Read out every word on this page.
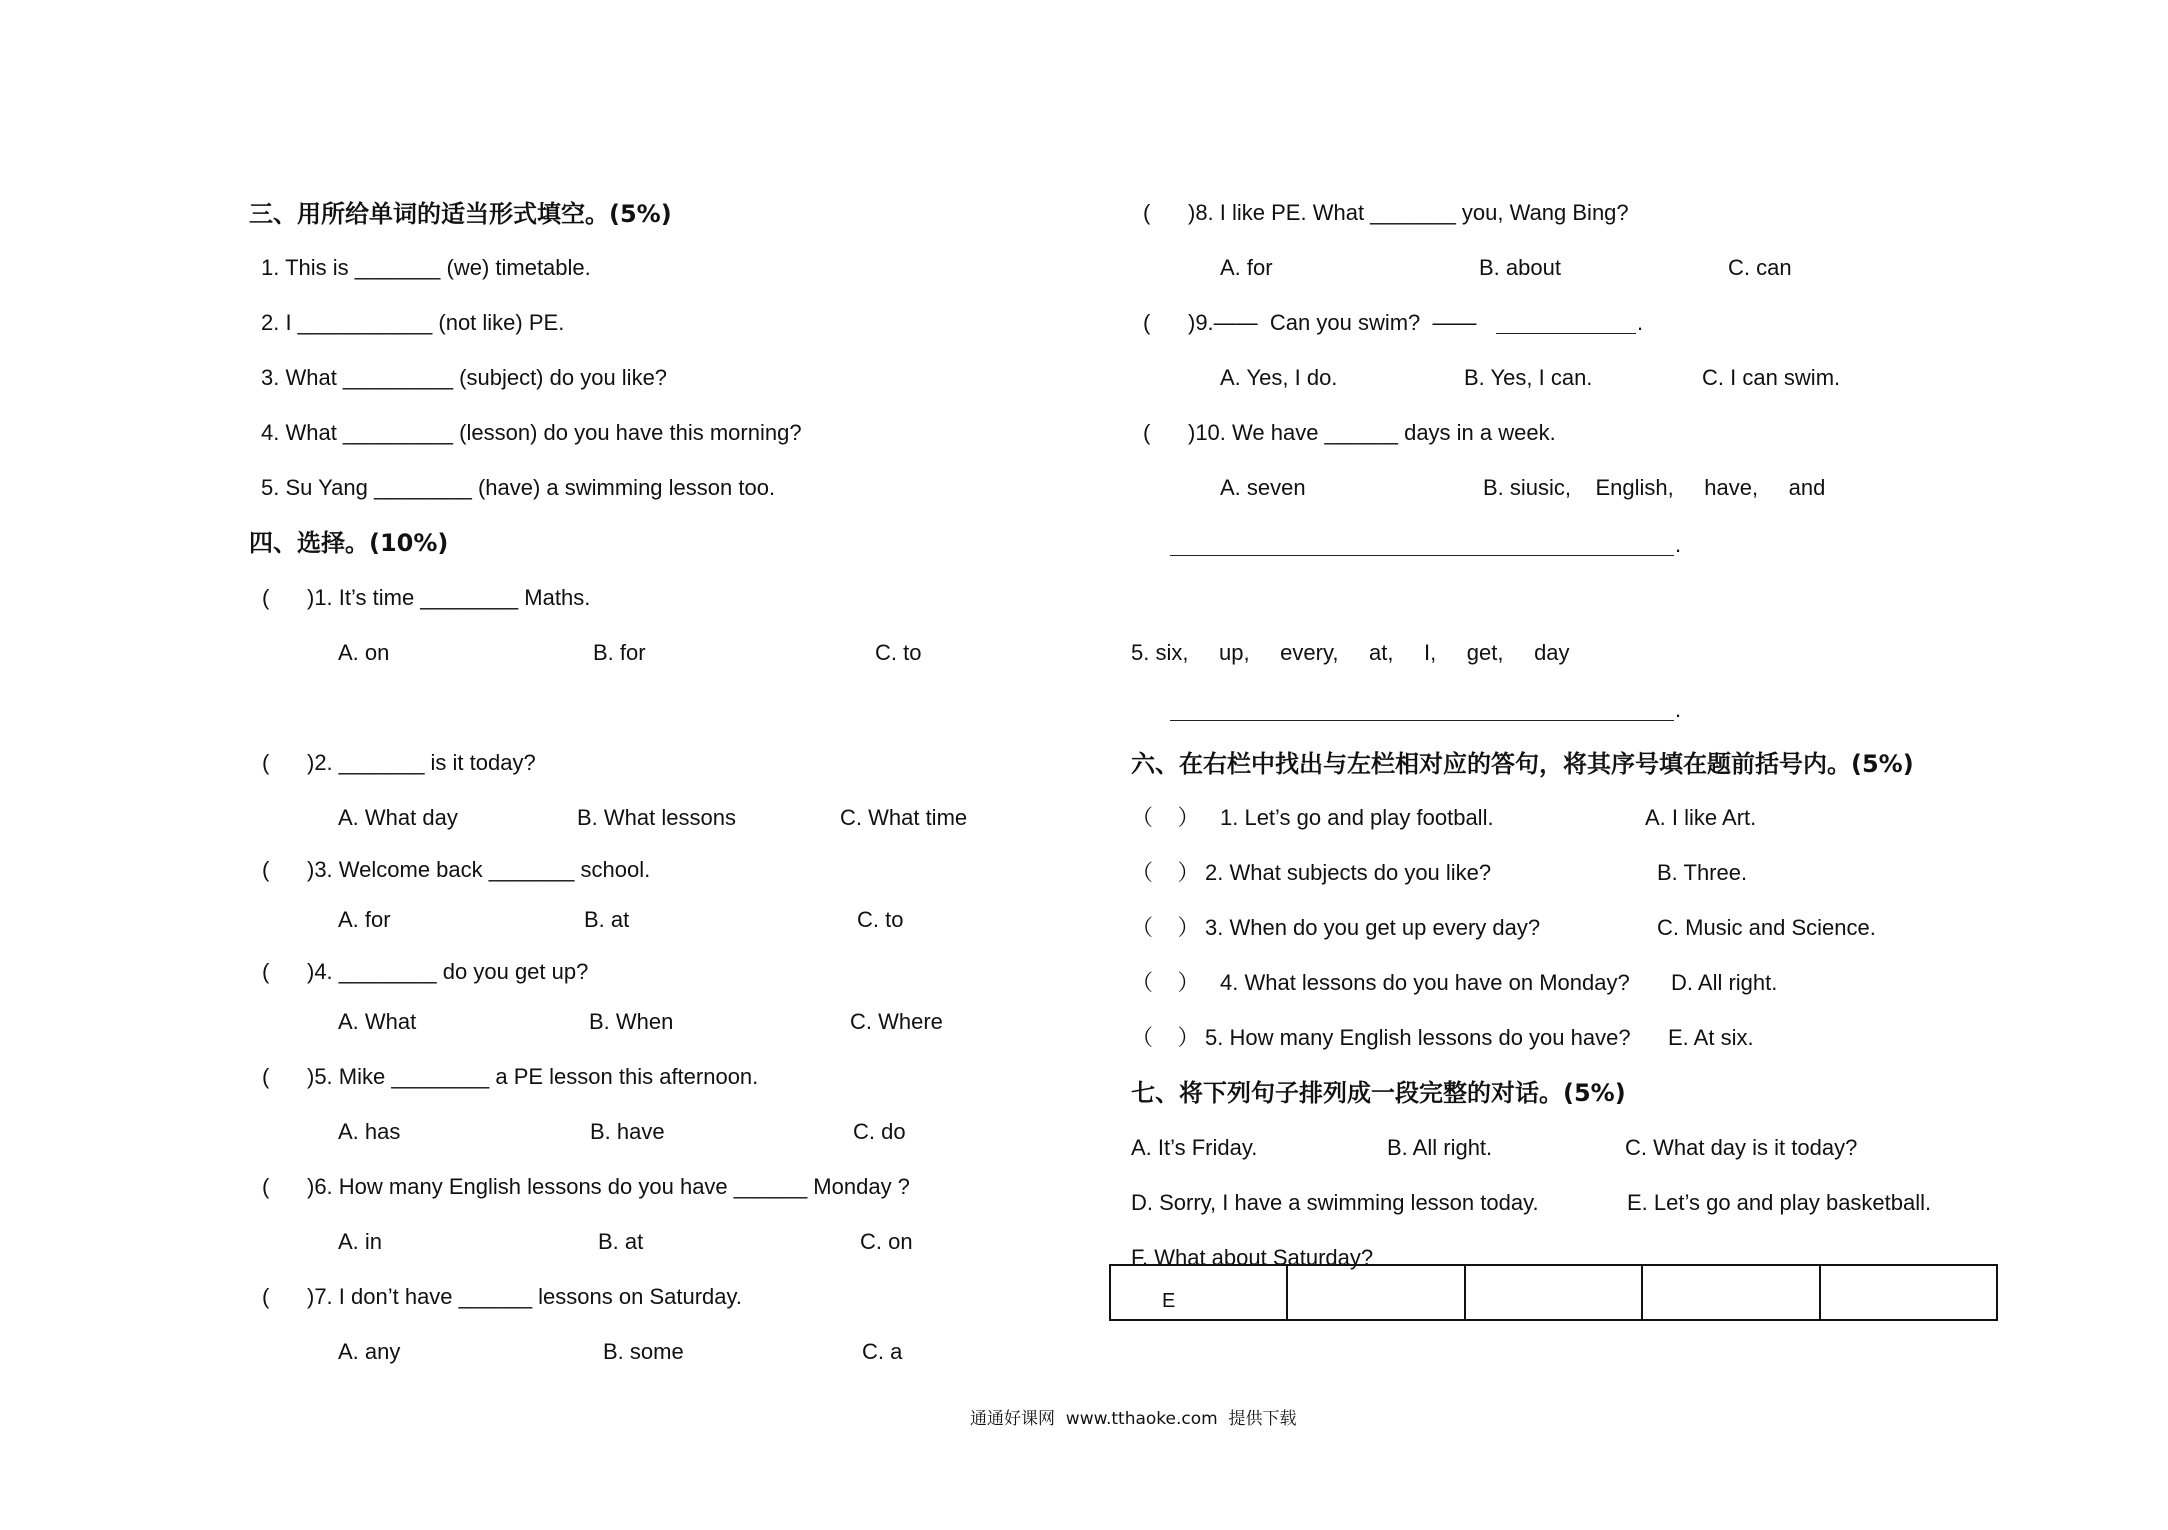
三、用所给单词的适当形式填空。(5%)
1. This is _______ (we) timetable.
2. I ___________ (not like) PE.
3. What _________ (subject) do you like?
4. What _________ (lesson) do you have this morning?
5. Su Yang ________ (have) a swimming lesson too.
四、选择。(10%)
( )1. It’s time ________ Maths.
A. on	B. for	C. to
( )2. _______ is it today?
A. What day	B. What lessons	C. What time
( )3. Welcome back _______ school.
A. for	B. at	C. to
( )4. ________ do you get up?
A. What	B. When	C. Where
( )5. Mike ________ a PE lesson this afternoon.
A. has	B. have	C. do
( )6. How many English lessons do you have ______ Monday ?
A. in	B. at	C. on
( )7. I don’t have ______ lessons on Saturday.
A. any	B. some	C. a
( )8. I like PE. What _______ you, Wang Bing?
A. for	B. about	C. can
( )9.——  Can you swim?  ——	.
A. Yes, I do.	B. Yes, I can.	C. I can swim.
( )10. We have ______ days in a week.
A. seven	B. siusic,    English,     have,     and
.
5. six,     up,     every,     at,     I,     get,     day
.
六、在右栏中找出与左栏相对应的答句，将其序号填在题前括号内。(5%)
（    ） 1. Let’s go and play football.	A. I like Art.
（    ） 2. What subjects do you like?	B. Three.
（    ） 3. When do you get up every day?	C. Music and Science.
（    ） 4. What lessons do you have on Monday? D. All right.
（    ） 5. How many English lessons do you have? E. At six.
七、将下列句子排列成一段完整的对话。(5%)
A. It’s Friday.	B. All right.	C. What day is it today?
D. Sorry, I have a swimming lesson today.	E. Let’s go and play basketball.
F. What about Saturday?
E				
通通好课网  www.tthaoke.com  提供下载
